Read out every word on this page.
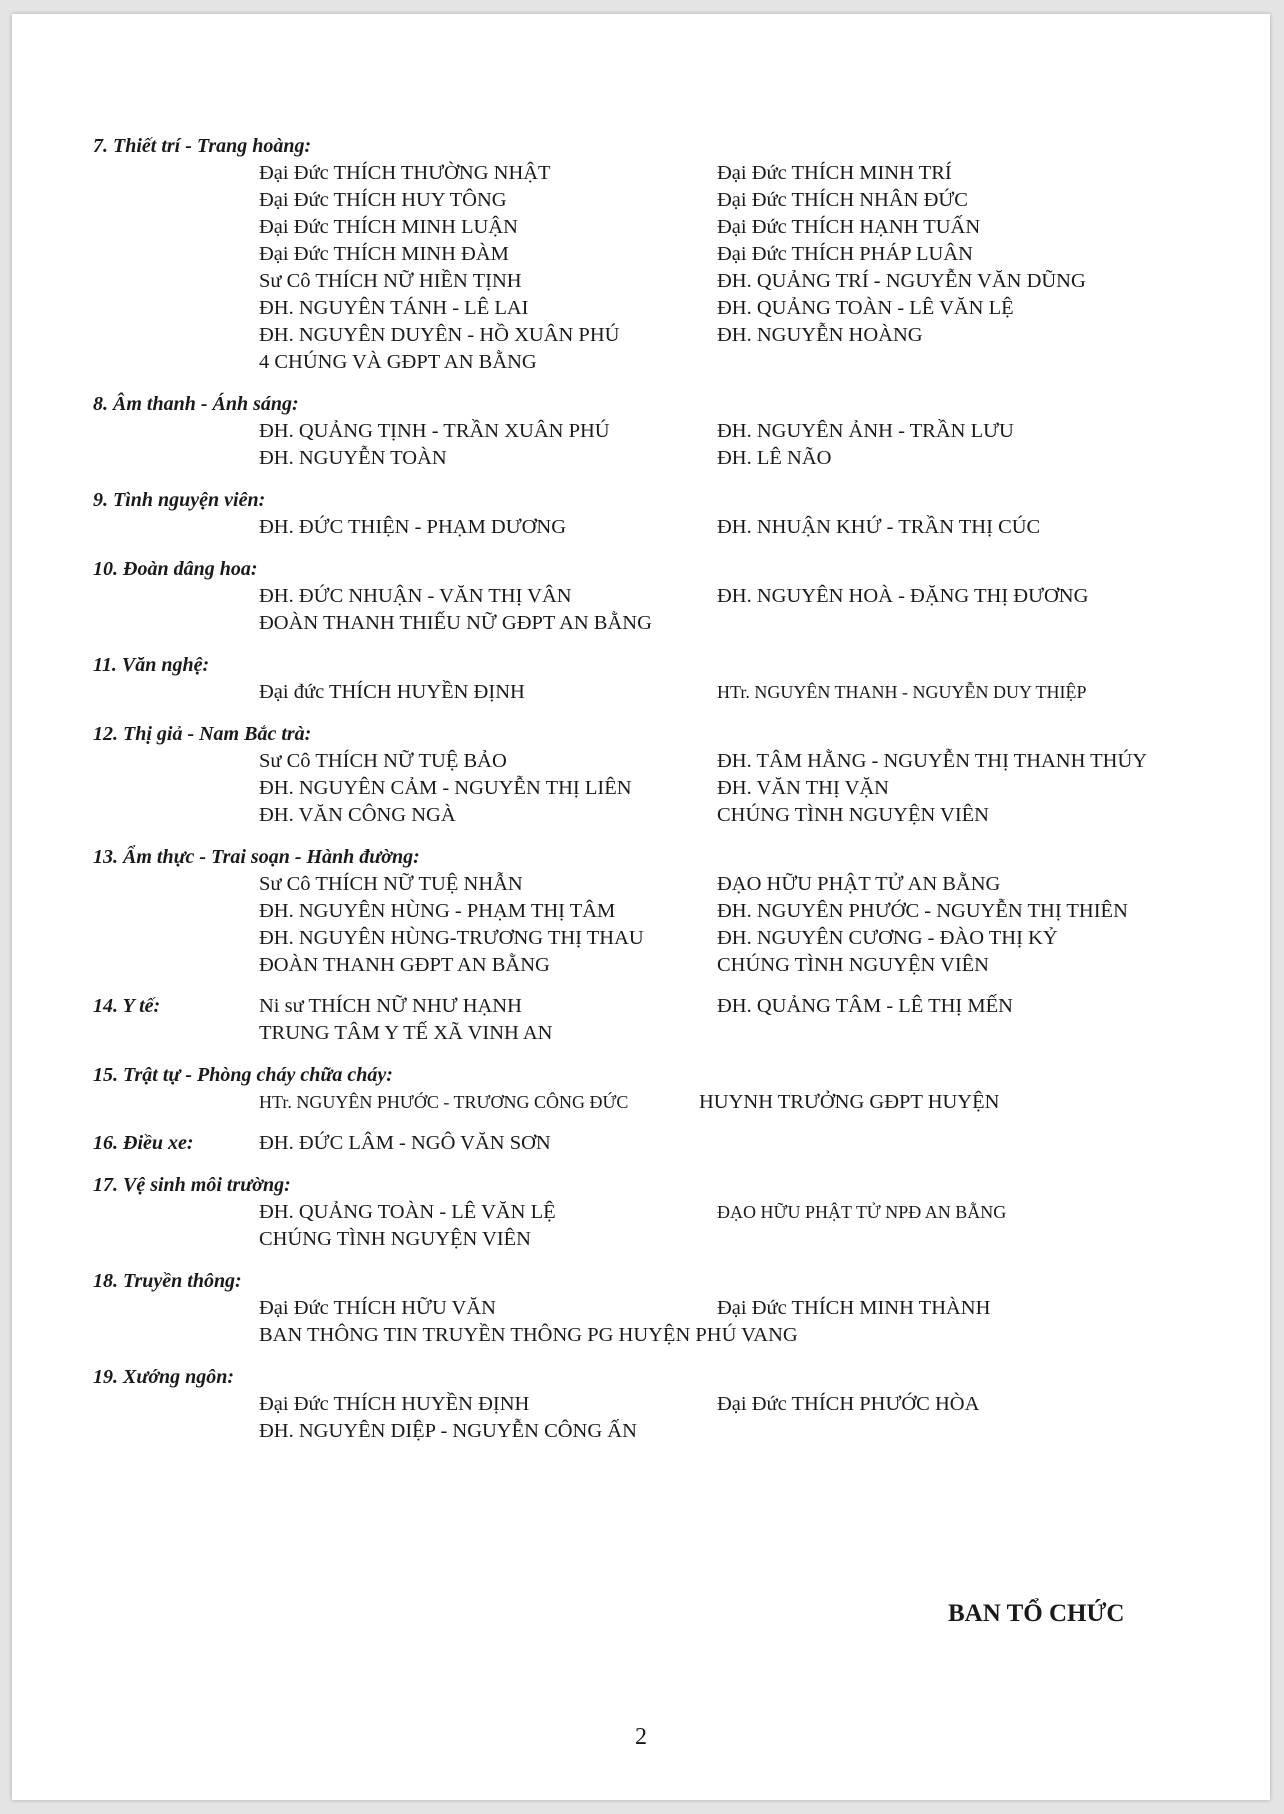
7. Thiết trí - Trang hoàng:
Đại Đức THÍCH THƯỜNG NHẬT	Đại Đức THÍCH MINH TRÍ
Đại Đức THÍCH HUY TÔNG	Đại Đức THÍCH NHÂN ĐỨC
Đại Đức THÍCH MINH LUẬN	Đại Đức THÍCH HẠNH TUẤN
Đại Đức THÍCH MINH ĐÀM	Đại Đức THÍCH PHÁP LUÂN
Sư Cô THÍCH NỮ HIỀN TỊNH	ĐH. QUẢNG TRÍ - NGUYỄN VĂN DŨNG
ĐH. NGUYÊN TÁNH - LÊ LAI	ĐH. QUẢNG TOÀN - LÊ VĂN LỆ
ĐH. NGUYÊN DUYÊN - HỒ XUÂN PHÚ	ĐH. NGUYỄN HOÀNG
4 CHÚNG VÀ GĐPT AN BẰNG
8. Âm thanh - Ánh sáng:
ĐH. QUẢNG TỊNH - TRẦN XUÂN PHÚ	ĐH. NGUYÊN ẢNH - TRẦN LƯU
ĐH. NGUYỄN TOÀN	ĐH. LÊ NÃO
9. Tình nguyện viên:
ĐH. ĐỨC THIỆN - PHẠM DƯƠNG	ĐH. NHUẬN KHỨ - TRẦN THỊ CÚC
10. Đoàn dâng hoa:
ĐH. ĐỨC NHUẬN - VĂN THỊ VÂN	ĐH. NGUYÊN HOÀ - ĐẶNG THỊ ĐƯƠNG
ĐOÀN THANH THIẾU NỮ GĐPT AN BẰNG
11. Văn nghệ:
Đại đức THÍCH HUYỀN ĐỊNH	HTr. NGUYÊN THANH - NGUYỄN DUY THIỆP
12. Thị giả - Nam Bắc trà:
Sư Cô THÍCH NỮ TUỆ BẢO	ĐH. TÂM HẰNG - NGUYỄN THỊ THANH THÚY
ĐH. NGUYÊN CẢM - NGUYỄN THỊ LIÊN	ĐH. VĂN THỊ VẶN
ĐH. VĂN CÔNG NGÀ	CHÚNG TÌNH NGUYỆN VIÊN
13. Ẩm thực - Trai soạn - Hành đường:
Sư Cô THÍCH NỮ TUỆ NHẪN	ĐẠO HỮU PHẬT TỬ AN BẰNG
ĐH. NGUYÊN HÙNG - PHẠM THỊ TÂM	ĐH. NGUYÊN PHƯỚC - NGUYỄN THỊ THIÊN
ĐH. NGUYÊN HÙNG-TRƯƠNG THỊ THAU	ĐH. NGUYÊN CƯƠNG - ĐÀO THỊ KỶ
ĐOÀN THANH GĐPT AN BẰNG	CHÚNG TÌNH NGUYỆN VIÊN
14. Y tế:	Ni sư THÍCH NỮ NHƯ HẠNH	ĐH. QUẢNG TÂM - LÊ THỊ MẾN
TRUNG TÂM Y TẾ XÃ VINH AN
15. Trật tự - Phòng cháy chữa cháy:
HTr. NGUYÊN PHƯỚC - TRƯƠNG CÔNG ĐỨC	HUYNH TRƯỞNG GĐPT HUYỆN
16. Điều xe:	ĐH. ĐỨC LÂM - NGÔ VĂN SƠN
17. Vệ sinh môi trường:
ĐH. QUẢNG TOÀN - LÊ VĂN LỆ	ĐẠO HỮU PHẬT TỬ NPĐ AN BẰNG
CHÚNG TÌNH NGUYỆN VIÊN
18. Truyền thông:
Đại Đức THÍCH HỮU VĂN	Đại Đức THÍCH MINH THÀNH
BAN THÔNG TIN TRUYỀN THÔNG PG HUYỆN PHÚ VANG
19. Xướng ngôn:
Đại Đức THÍCH HUYỀN ĐỊNH	Đại Đức THÍCH PHƯỚC HÒA
ĐH. NGUYÊN DIỆP - NGUYỄN CÔNG ẤN
BAN TỔ CHỨC
2
